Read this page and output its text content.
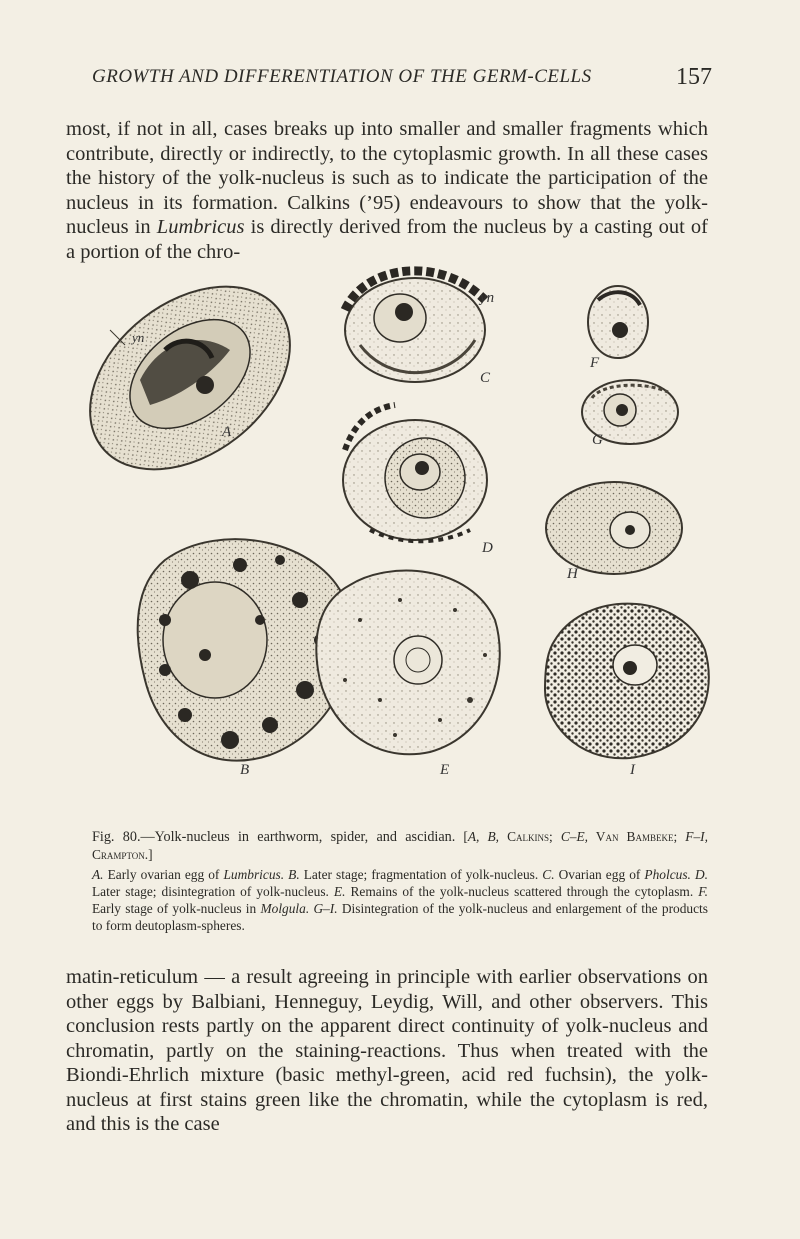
GROWTH AND DIFFERENTIATION OF THE GERM-CELLS	157

most, if not in all, cases breaks up into smaller and smaller fragments which contribute, directly or indirectly, to the cytoplasmic growth. In all these cases the history of the yolk-nucleus is such as to indicate the participation of the nucleus in its formation. Calkins (’95) endeavours to show that the yolk-nucleus in Lumbricus is directly derived from the nucleus by a casting out of a portion of the chro-

yn
A
B
yn
C
D
E
F
G
H
I

Fig. 80.—Yolk-nucleus in earthworm, spider, and ascidian. [A, B, Calkins; C–E, Van Bambeke; F–I, Crampton.]

A. Early ovarian egg of Lumbricus. B. Later stage; fragmentation of yolk-nucleus. C. Ovarian egg of Pholcus. D. Later stage; disintegration of yolk-nucleus. E. Remains of the yolk-nucleus scattered through the cytoplasm. F. Early stage of yolk-nucleus in Molgula. G–I. Disintegration of the yolk-nucleus and enlargement of the products to form deutoplasm-spheres.

matin-reticulum — a result agreeing in principle with earlier observations on other eggs by Balbiani, Henneguy, Leydig, Will, and other observers. This conclusion rests partly on the apparent direct continuity of yolk-nucleus and chromatin, partly on the staining-reactions. Thus when treated with the Biondi-Ehrlich mixture (basic methyl-green, acid red fuchsin), the yolk-nucleus at first stains green like the chromatin, while the cytoplasm is red, and this is the case
